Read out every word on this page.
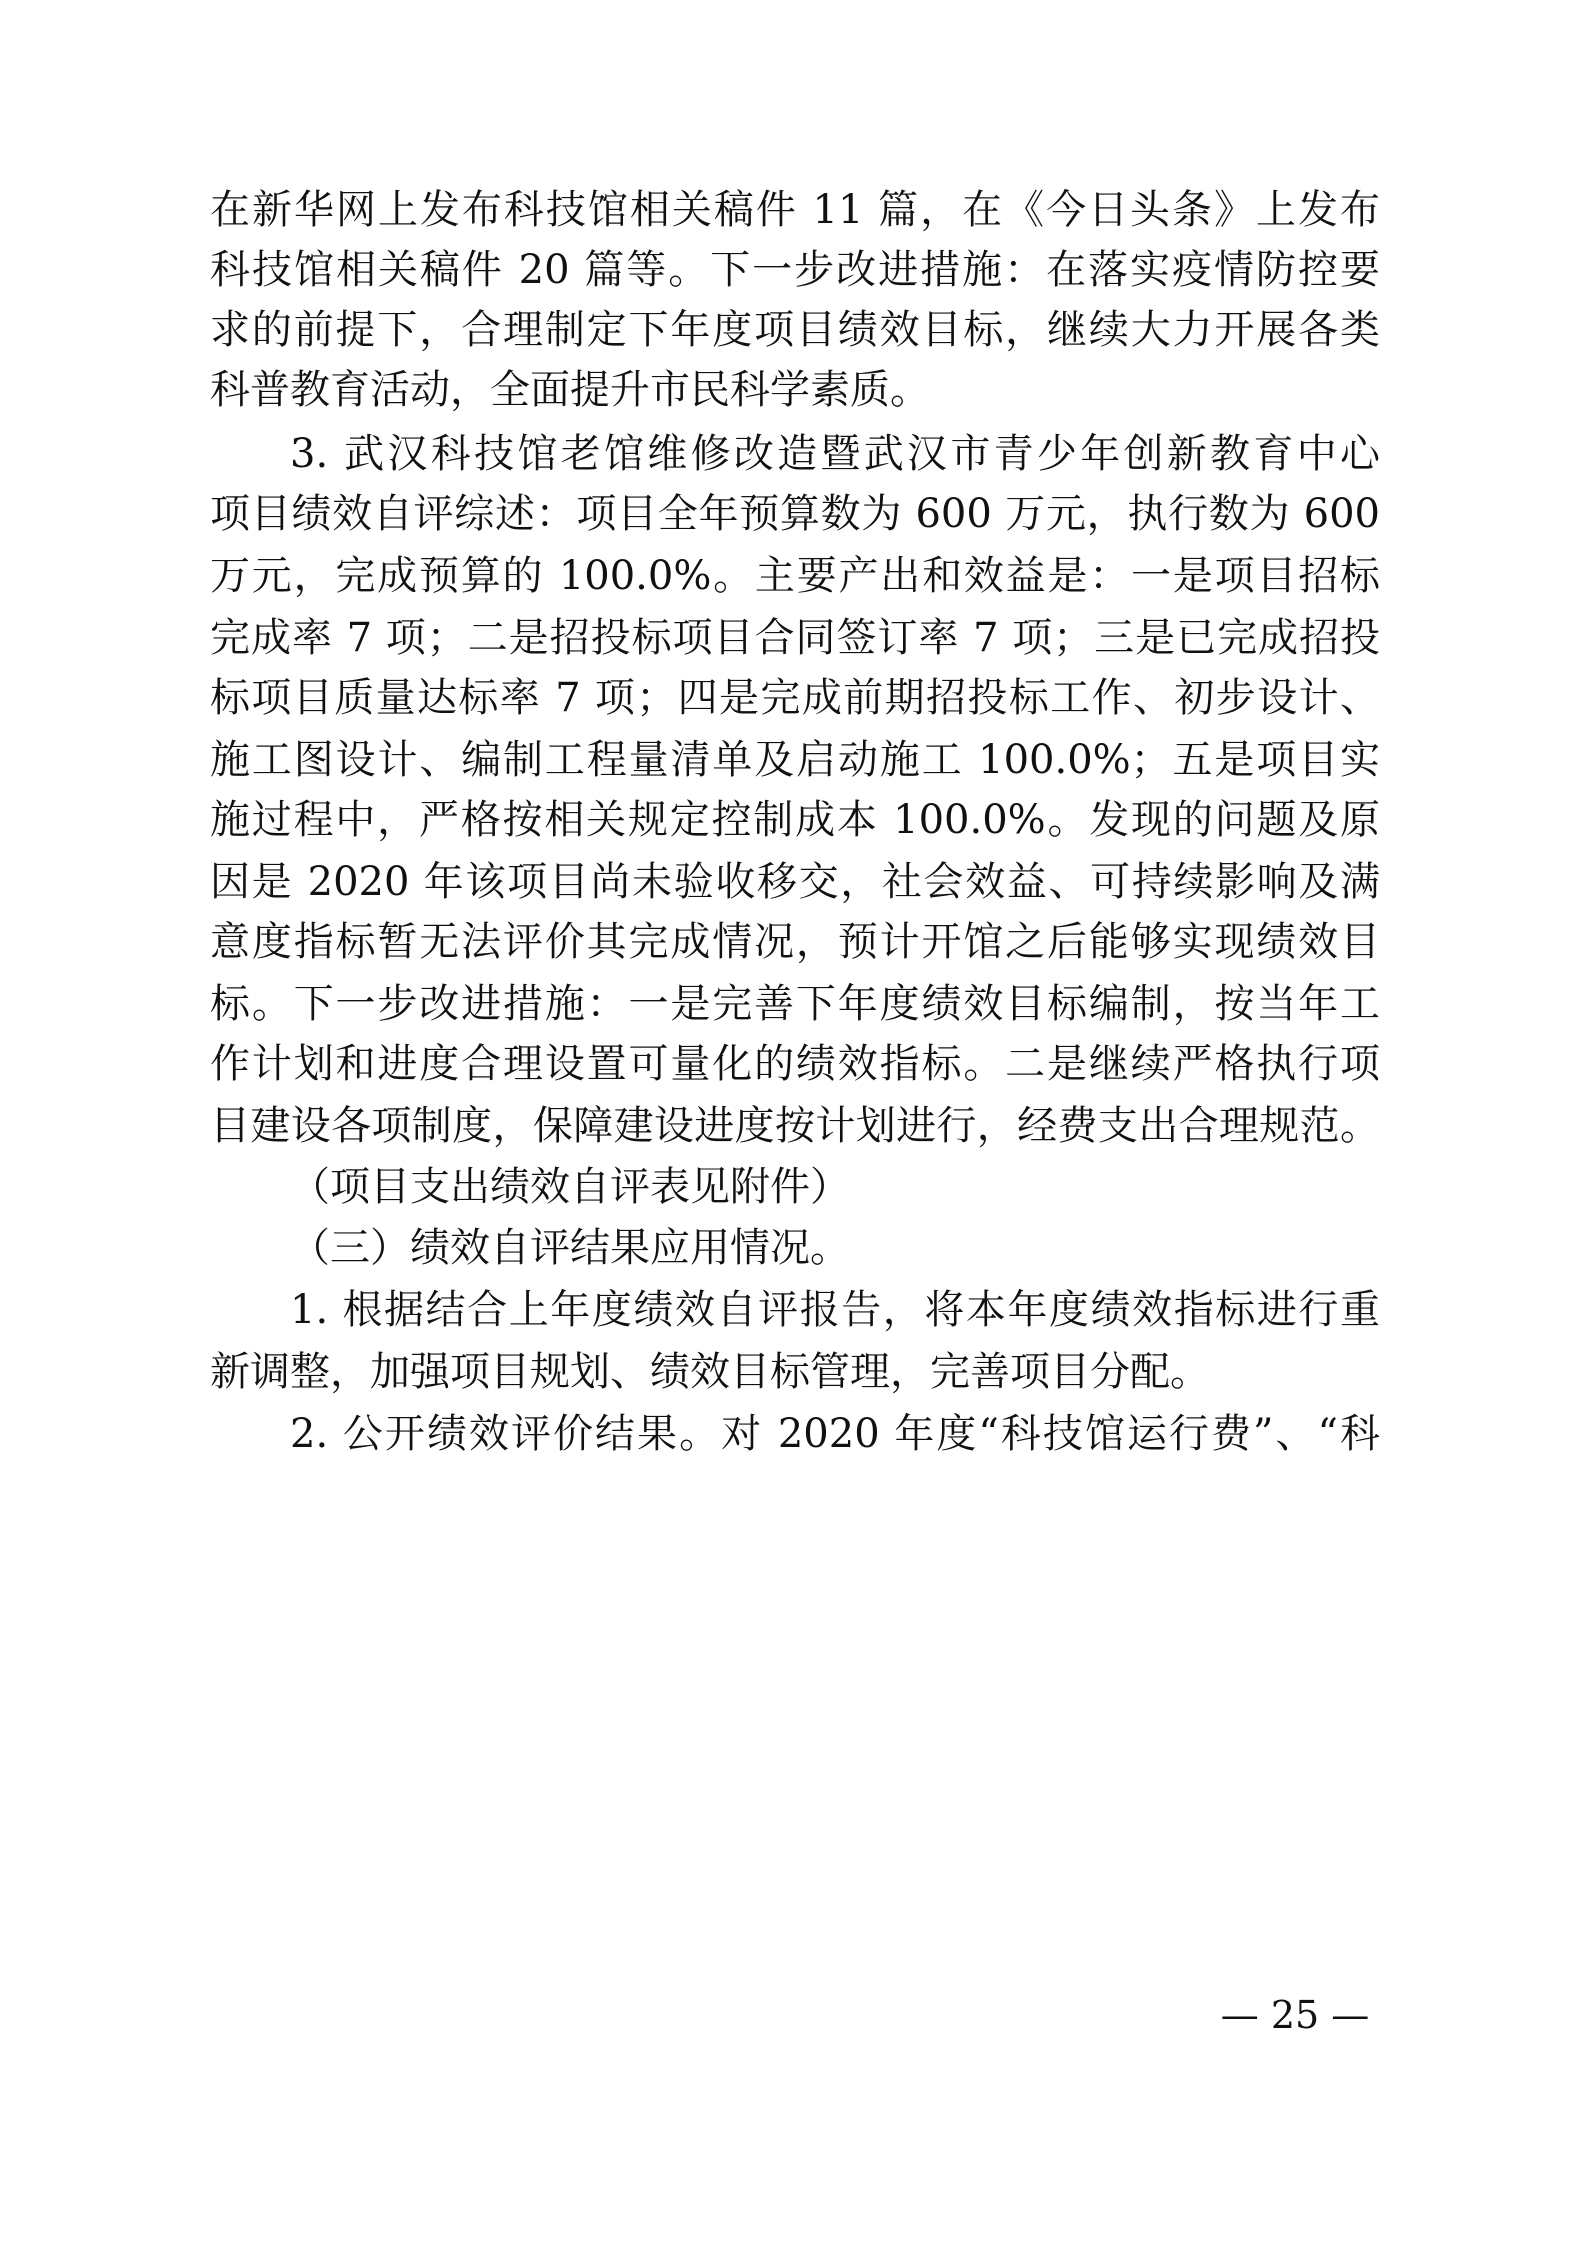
在新华网上发布科技馆相关稿件 11 篇，在《今日头条》上发布
科技馆相关稿件 20 篇等。下一步改进措施：在落实疫情防控要
求的前提下，合理制定下年度项目绩效目标，继续大力开展各类
科普教育活动，全面提升市民科学素质。
3. 武汉科技馆老馆维修改造暨武汉市青少年创新教育中心
项目绩效自评综述：项目全年预算数为 600 万元，执行数为 600
万元，完成预算的 100.0%。主要产出和效益是：一是项目招标
完成率 7 项；二是招投标项目合同签订率 7 项；三是已完成招投
标项目质量达标率 7 项；四是完成前期招投标工作、初步设计、
施工图设计、编制工程量清单及启动施工 100.0%；五是项目实
施过程中，严格按相关规定控制成本 100.0%。发现的问题及原
因是 2020 年该项目尚未验收移交，社会效益、可持续影响及满
意度指标暂无法评价其完成情况，预计开馆之后能够实现绩效目
标。下一步改进措施：一是完善下年度绩效目标编制，按当年工
作计划和进度合理设置可量化的绩效指标。二是继续严格执行项
目建设各项制度，保障建设进度按计划进行，经费支出合理规范。
（项目支出绩效自评表见附件）
（三）绩效自评结果应用情况。
1. 根据结合上年度绩效自评报告，将本年度绩效指标进行重
新调整，加强项目规划、绩效目标管理，完善项目分配。
2. 公开绩效评价结果。对 2020 年度“科技馆运行费”、“科
— 25 —
